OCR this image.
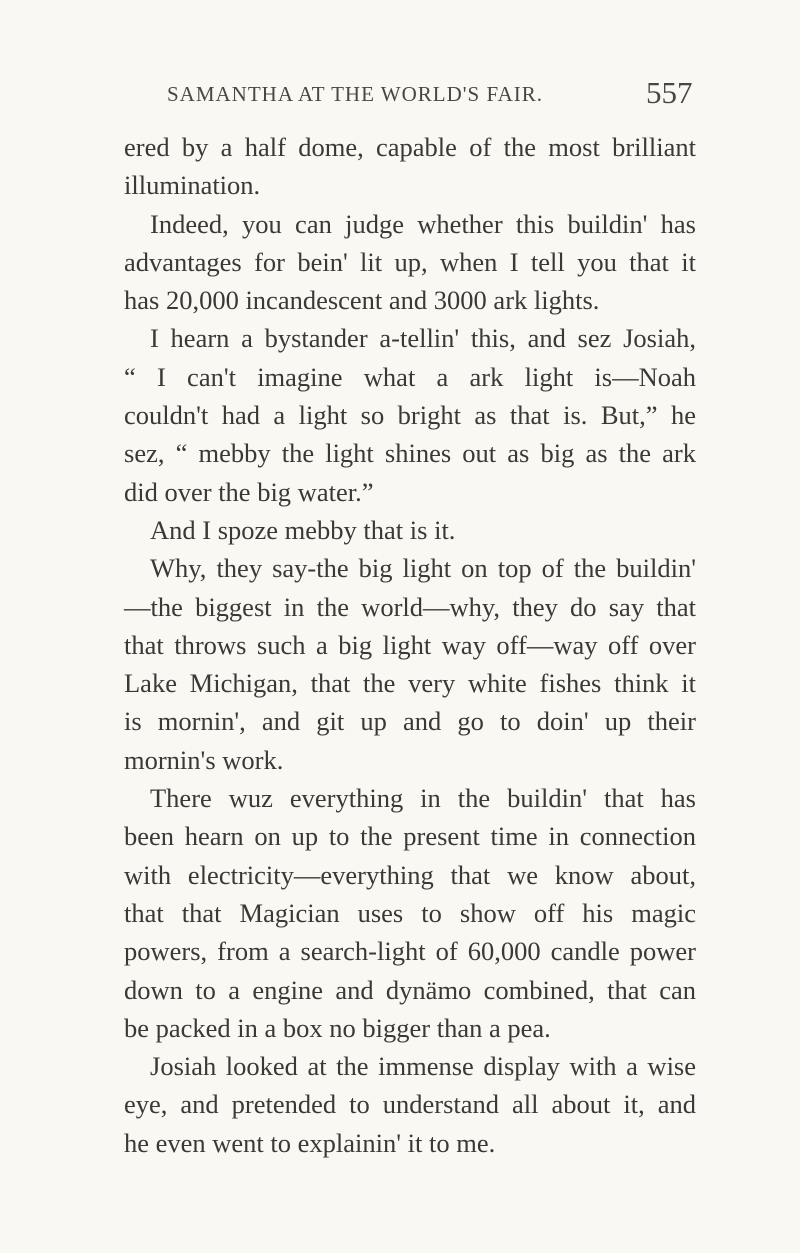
SAMANTHA AT THE WORLD'S FAIR.	557
ered by a half dome, capable of the most brilliant
illumination.
Indeed, you can judge whether this buildin' has
advantages for bein' lit up, when I tell you that it
has 20,000 incandescent and 3000 ark lights.
I hearn a bystander a-tellin' this, and sez Josiah,
“ I can't imagine what a ark light is—Noah
couldn't had a light so bright as that is. But,” he
sez, “ mebby the light shines out as big as the ark
did over the big water.”
And I spoze mebby that is it.
Why, they say-the big light on top of the buildin'
—the biggest in the world—why, they do say that
that throws such a big light way off—way off over
Lake Michigan, that the very white fishes think it
is mornin', and git up and go to doin' up their
mornin's work.
There wuz everything in the buildin' that has
been hearn on up to the present time in connection
with electricity—everything that we know about,
that that Magician uses to show off his magic
powers, from a search-light of 60,000 candle power
down to a engine and dynämo combined, that can
be packed in a box no bigger than a pea.
Josiah looked at the immense display with a wise
eye, and pretended to understand all about it, and
he even went to explainin' it to me.
